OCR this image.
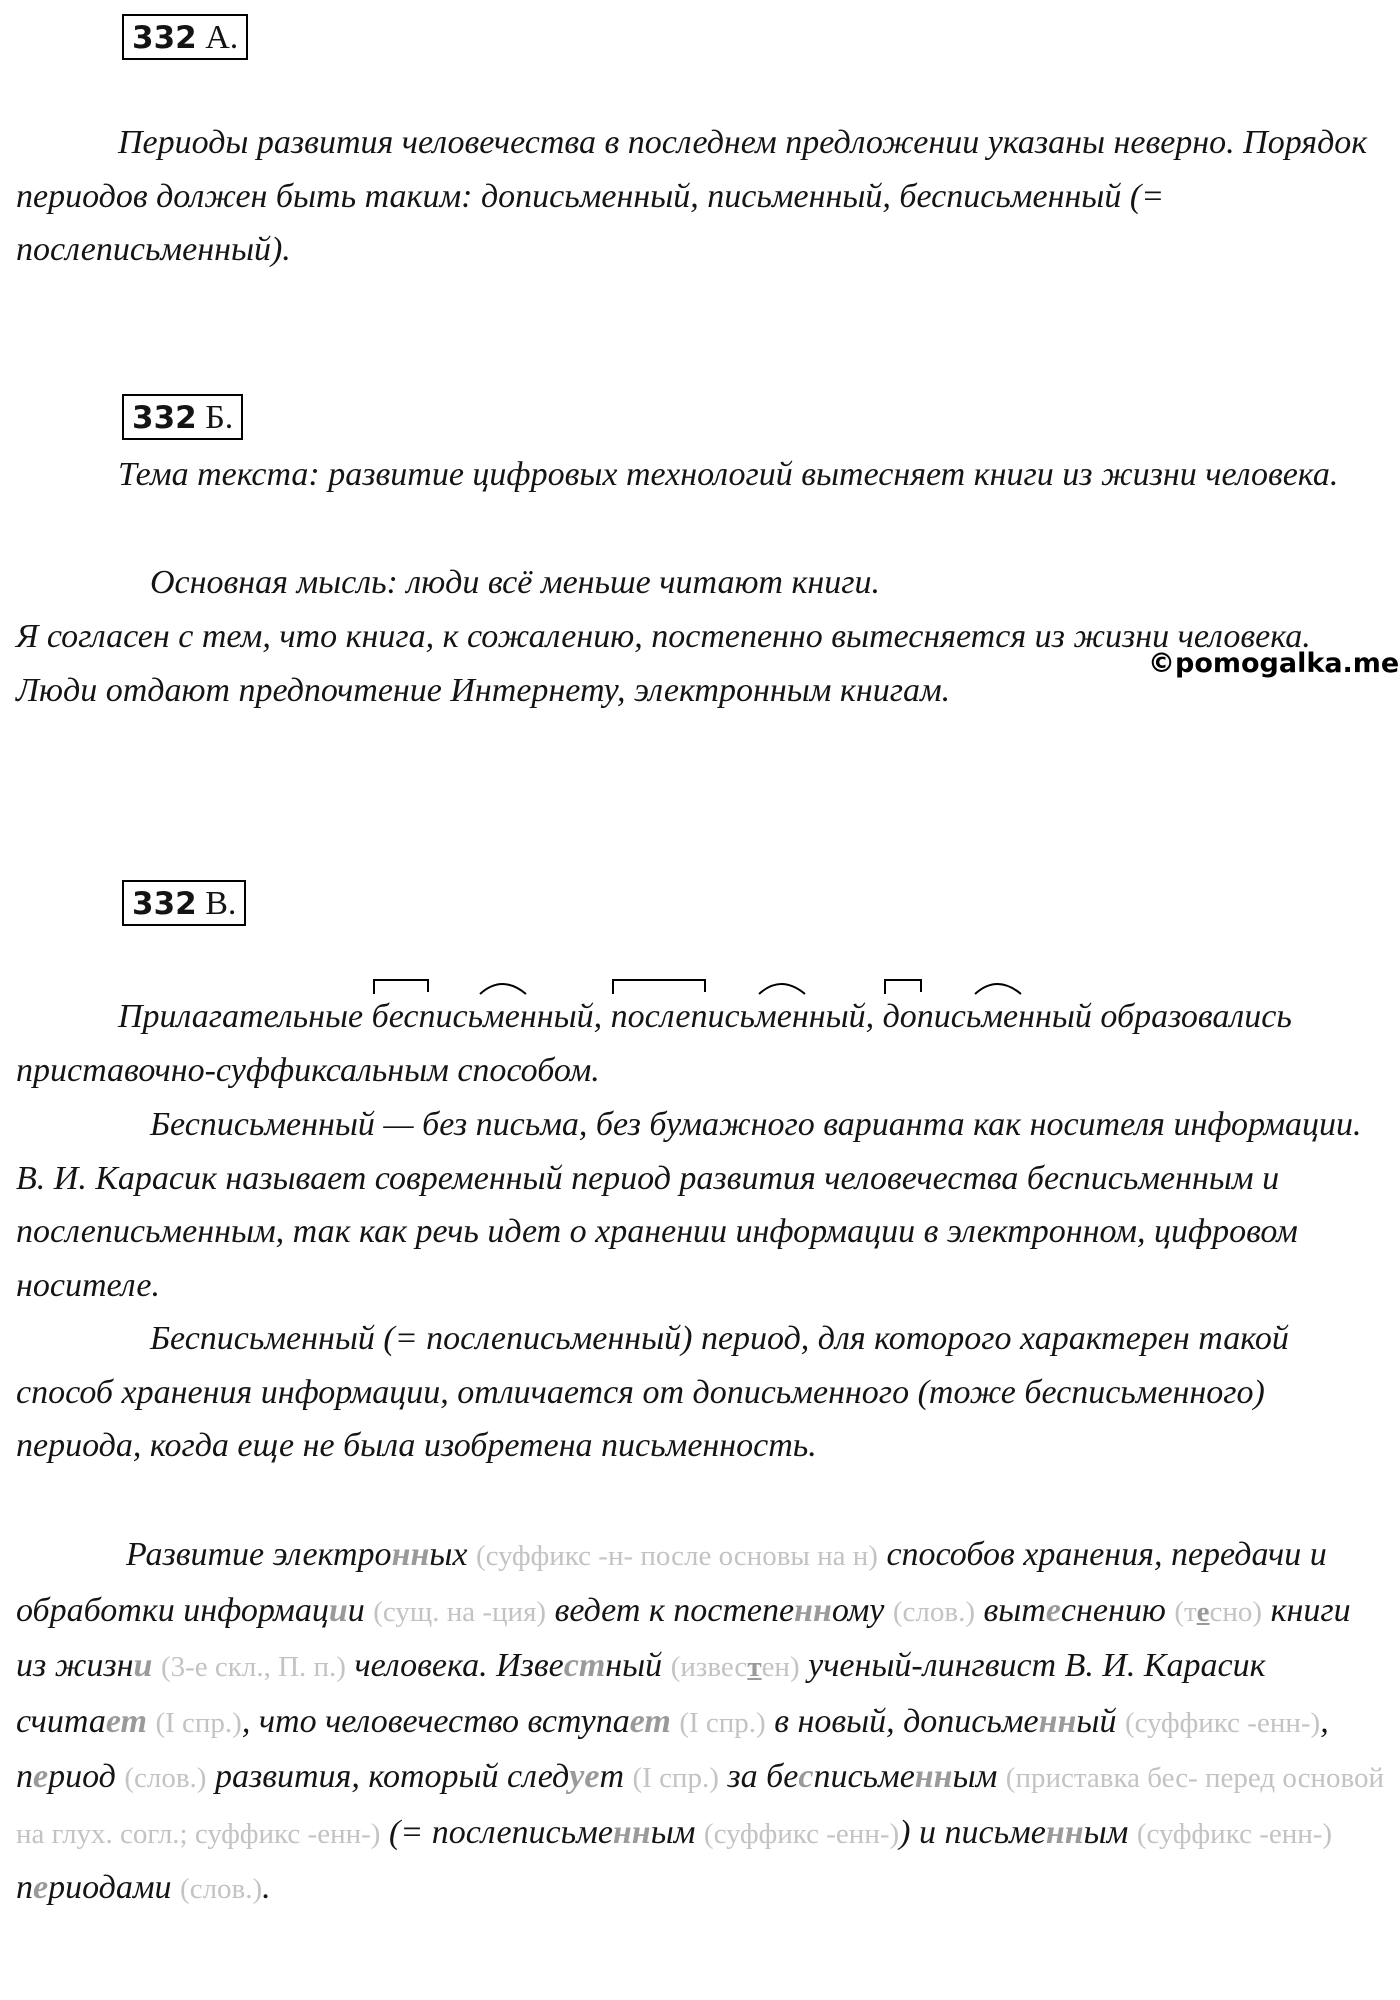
332 А.

Периоды развития человечества в последнем предложении указаны неверно. Порядок периодов должен быть таким: дописьменный, письменный, бесписьменный (= послеписьменный).

332 Б.

Тема текста: развитие цифровых технологий вытесняет книги из жизни человека.

Основная мысль: люди всё меньше читают книги.

Я согласен с тем, что книга, к сожалению, постепенно вытесняется из жизни человека. Люди отдают предпочтение Интернету, электронным книгам.

©pomogalka.me
332 В.

Прилагательные бесписьменный
, послеписьменный
, дописьменный образовались приставочно-суффиксальным способом.

Бесписьменный — без письма, без бумажного варианта как носителя информации. В. И. Карасик называет современный период развития человечества бесписьменным и послеписьменным, так как речь идет о хранении информации в электронном, цифровом носителе.

Бесписьменный (= послеписьменный) период, для которого характерен такой способ хранения информации, отличается от дописьменного (тоже бесписьменного) периода, когда еще не была изобретена письменность.

Развитие электронных (суффикс -н- после основы на н) способов хранения, передачи и обработки информации (сущ. на -ция) ведет к постепенному (слов.) вытеснению (тесно) книги из жизни (3-е скл., П. п.) человека. Известный (известен) ученый-лингвист В. И. Карасик считает (I спр.), что человечество вступает (I спр.) в новый, дописьменный (суффикс -енн-), период (слов.) развития, который следует (I спр.) за бесписьменным (приставка бес- перед основой на глух. согл.; суффикс -енн-) (= послеписьменным (суффикс -енн-)) и письменным (суффикс -енн-) периодами (слов.).
